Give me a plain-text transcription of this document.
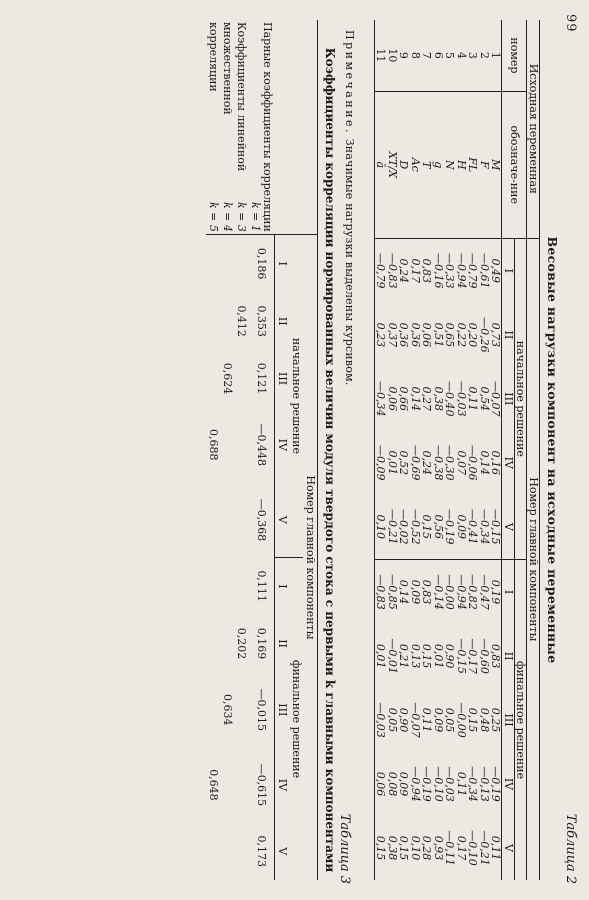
99
Таблица 2
Весовые нагрузки компонент на исходные переменные
Исходная переменная		Номер главной компоненты									
номер	обозначе-ние	начальное решение					финальное решение				
		I	II	III	IV	V	I	II	III	IV	V
1	M	0,49	0,73	—0,07	0,16	—0,15	0,19	0,83	0,25	—0,19	0,11
2	F	—0,61	—0,26	0,54	0,14	—0,34	—0,47	—0,60	0,48	—0,13	—0,21
3	FL	—0,79	0,20	0,11	—0,06	—0,41	—0,82	—0,17	0,15	—0,34	—0,10
4	H	—0,94	0,22	—0,03	0,07	0,09	—0,94	—0,15	—0,00	0,11	0,17
5	N	—0,33	0,65	—0,40	—0,30	—0,19	—0,00	0,90	0,05	—0,03	—0,11
6	g	—0,16	0,51	0,38	—0,38	0,56	—0,14	0,01	0,09	—0,10	0,93
7	T	0,83	0,06	0,27	0,24	0,15	0,83	0,15	0,11	—0,19	0,28
8	Ac	0,17	0,36	0,14	—0,69	—0,52	0,09	0,13	—0,07	—0,94	0,10
9	D	0,24	0,36	0,66	0,52	—0,02	0,14	0,21	0,90	0,09	0,15
10	XT/X	—0,83	0,37	0,06	0,01	—0,21	—0,85	—0,01	0,05	0,08	0,38
11	ā	—0,79	0,23	—0,34	—0,09	0,10	—0,83	0,01	—0,03	0,06	0,15
Примечание. Значимые нагрузки выделены курсивом.
Таблица 3
Коэффициенты корреляции нормированных величин модуля твердого стока с первыми k главными компонентами
	Номер главной компоненты									
	начальное решение					финальное решение				
	I	II	III	IV	V	I	II	III	IV	V
Парные коэффициенты корреляции
k = 1	0,186	0,353	0,121	—0,448	—0,368	0,111	0,169	—0,015	—0,615	0,173
Коэффициенты линейной
k = 3		0,412					0,202			
множественной
k = 4			0,624					0,634		
корреляции
k = 5				0,688					0,648	
